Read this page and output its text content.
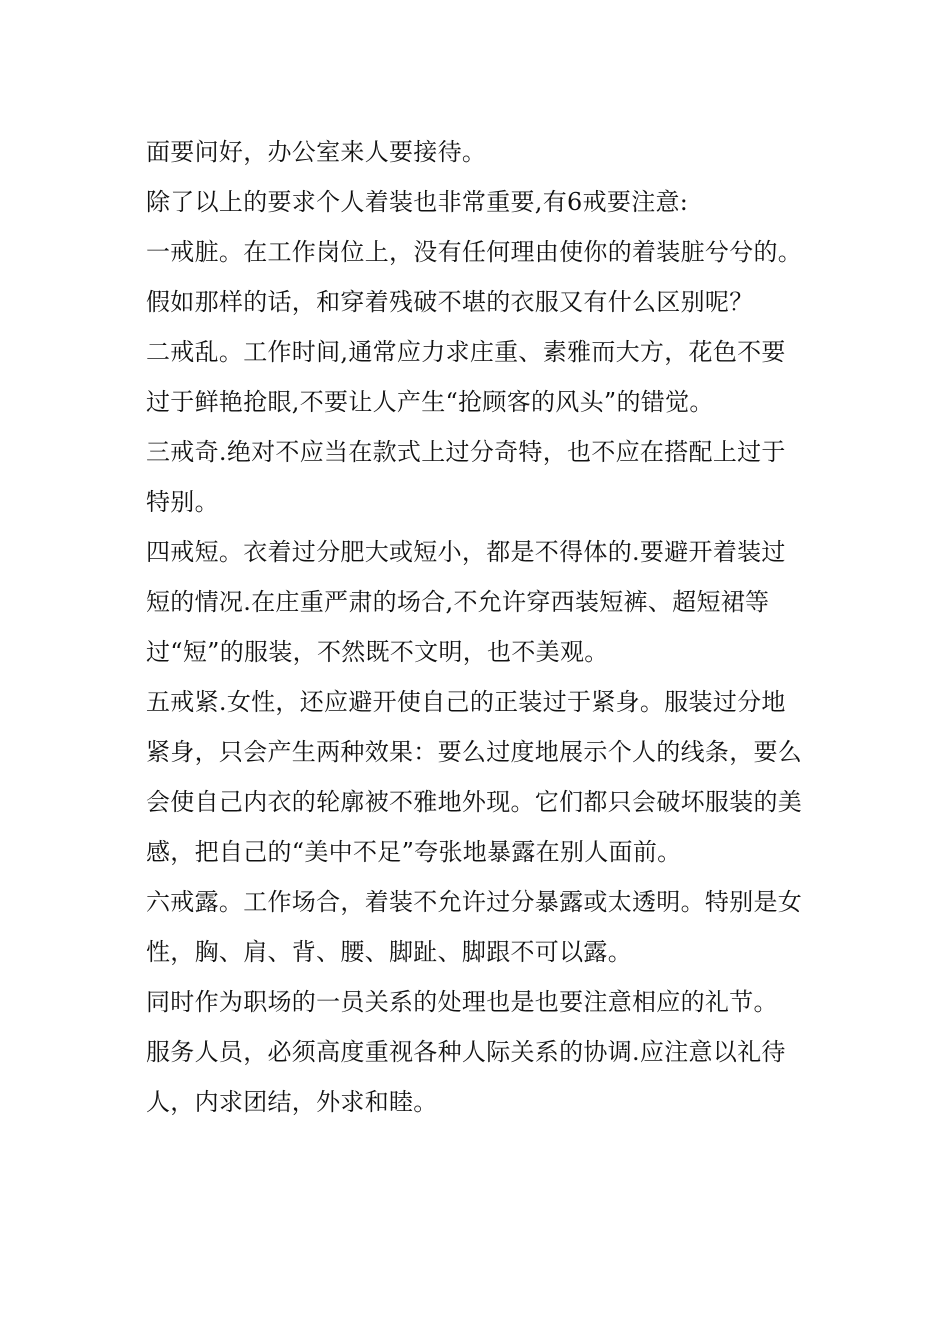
面要问好，办公室来人要接待。

除了以上的要求个人着装也非常重要,有6戒要注意:

一戒脏。在工作岗位上，没有任何理由使你的着装脏兮兮的。假如那样的话，和穿着残破不堪的衣服又有什么区别呢？

二戒乱。工作时间,通常应力求庄重、素雅而大方，花色不要过于鲜艳抢眼,不要让人产生“抢顾客的风头”的错觉。

三戒奇.绝对不应当在款式上过分奇特，也不应在搭配上过于特别。

四戒短。衣着过分肥大或短小，都是不得体的.要避开着装过短的情况.在庄重严肃的场合,不允许穿西装短裤、超短裙等过“短”的服装，不然既不文明，也不美观。

五戒紧.女性，还应避开使自己的正装过于紧身。服装过分地紧身，只会产生两种效果：要么过度地展示个人的线条，要么会使自己内衣的轮廓被不雅地外现。它们都只会破坏服装的美感，把自己的“美中不足”夸张地暴露在别人面前。

六戒露。工作场合，着装不允许过分暴露或太透明。特别是女性，胸、肩、背、腰、脚趾、脚跟不可以露。

同时作为职场的一员关系的处理也是也要注意相应的礼节。

服务人员，必须高度重视各种人际关系的协调.应注意以礼待人，内求团结，外求和睦。
